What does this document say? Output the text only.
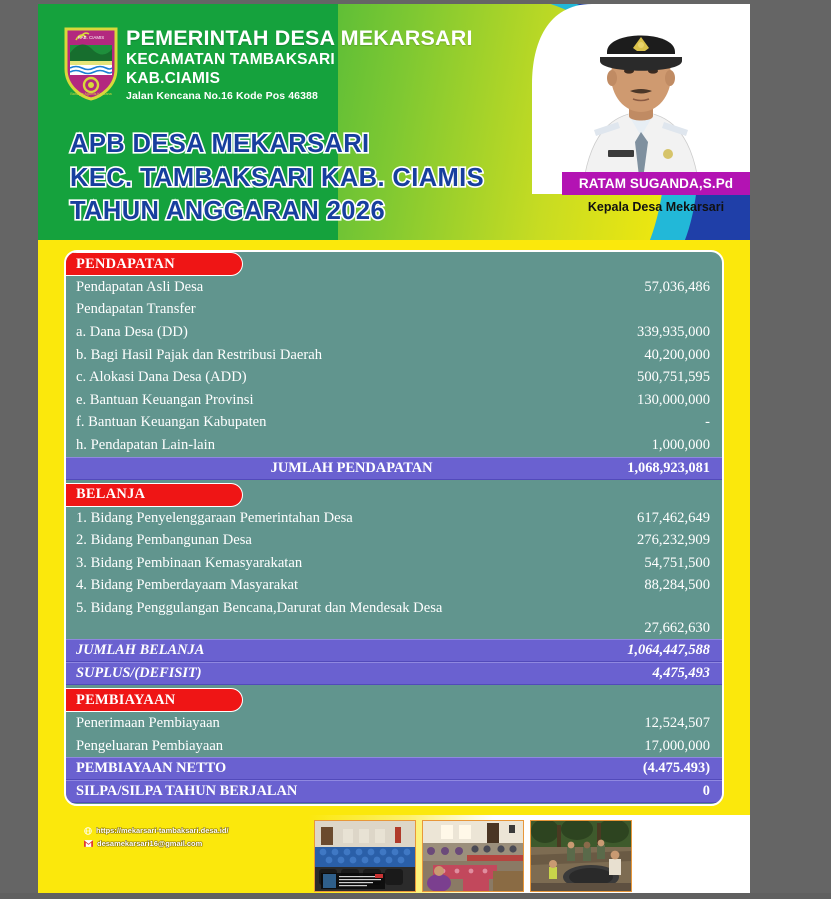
KAB. CIAMIS
Bahagia Agamis Kencana
PEMERINTAH DESA MEKARSARI
KECAMATAN TAMBAKSARI
KAB.CIAMIS
Jalan Kencana No.16 Kode Pos 46388
APB DESA MEKARSARI
KEC. TAMBAKSARI KAB. CIAMIS
TAHUN ANGGARAN 2026
RATAM SUGANDA,S.Pd
Kepala Desa Mekarsari
PENDAPATAN
Pendapatan Asli Desa	57,036,486
Pendapatan Transfer
a. Dana Desa (DD)	339,935,000
b. Bagi Hasil Pajak dan Restribusi Daerah	40,200,000
c. Alokasi Dana Desa (ADD)	500,751,595
e. Bantuan Keuangan Provinsi	130,000,000
f. Bantuan Keuangan Kabupaten	-
h. Pendapatan Lain-lain	1,000,000
JUMLAH PENDAPATAN	1,068,923,081
BELANJA
1. Bidang Penyelenggaraan Pemerintahan Desa	617,462,649
2. Bidang Pembangunan Desa	276,232,909
3. Bidang Pembinaan Kemasyarakatan	54,751,500
4. Bidang Pemberdayaam Masyarakat	88,284,500
5. Bidang Penggulangan Bencana,Darurat dan Mendesak Desa
27,662,630
JUMLAH BELANJA	1,064,447,588
SUPLUS/(DEFISIT)	4,475,493
PEMBIAYAAN
Penerimaan Pembiayaan	12,524,507
Pengeluaran Pembiayaan	17,000,000
PEMBIAYAAN NETTO	(4.475.493)
SILPA/SILPA TAHUN BERJALAN	0
https://mekarsari-tambaksari.desa.id/
desamekarsari16@gmail.com
